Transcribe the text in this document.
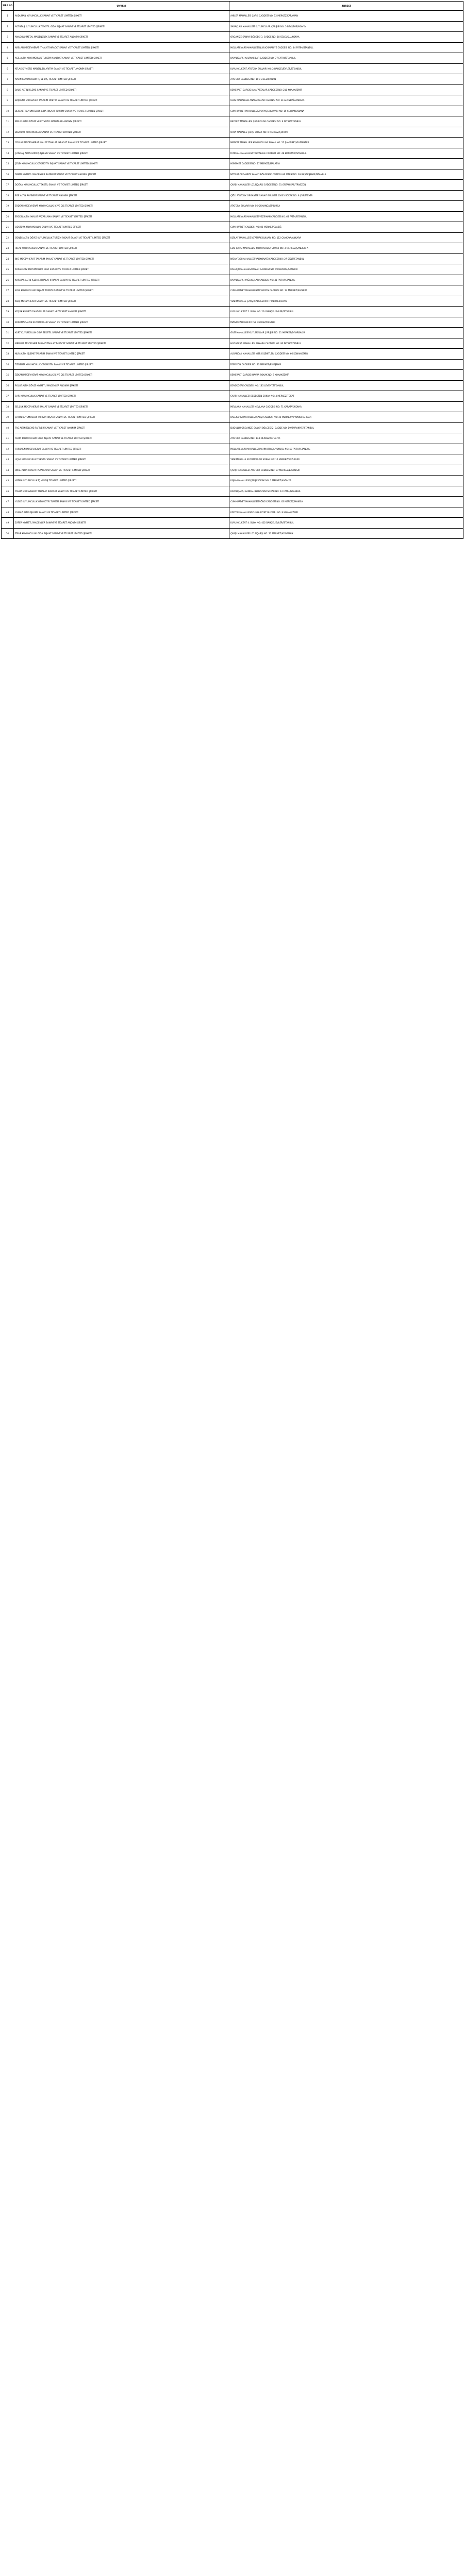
SIRA NO	UNVANI	ADRESİ
1	AKDUMAN KUYUMCULUK SANAYİ VE TİCARET LİMİTED ŞİRKETİ	AHİLER MAHALLESİ ÇARŞI CADDESİ NO: 12 MERKEZ/KARAMAN
2	ALTINTAŞ KUYUMCULUK TEKSTİL GIDA İNŞAAT SANAYİ VE TİCARET LİMİTED ŞİRKETİ	SARAÇLAR MAHALLESİ KUYUMCULAR ÇARŞISI NO: 5 BEYŞEHİR/KONYA
3	ANADOLU METAL MADENCİLİK SANAYİ VE TİCARET ANONİM ŞİRKETİ	ORGANİZE SANAYİ BÖLGESİ 3. CADDE NO: 18 SELÇUKLU/KONYA
4	ARSLAN MÜCEVHERAT İTHALAT İHRACAT SANAYİ VE TİCARET LİMİTED ŞİRKETİ	MOLLAFENARİ MAHALLESİ NURUOSMANİYE CADDESİ NO: 44 FATİH/İSTANBUL
5	ASİL ALTIN KUYUMCULUK TURİZM NAKLİYAT SANAYİ VE TİCARET LİMİTED ŞİRKETİ	KAPALIÇARŞI KALPAKÇILAR CADDESİ NO: 77 FATİH/İSTANBUL
6	ATLAS KIYMETLİ MADENLER ARITIM SANAYİ VE TİCARET ANONİM ŞİRKETİ	KUYUMCUKENT ATATÜRK BULVARI NO: 2 BAHÇELİEVLER/İSTANBUL
7	AYDIN KUYUMCULUK İÇ VE DIŞ TİCARET LİMİTED ŞİRKETİ	ATATÜRK CADDESİ NO: 101 EFELER/AYDIN
8	BALCI ALTIN İŞLEME SANAYİ VE TİCARET LİMİTED ŞİRKETİ	KEMERALTI ÇARŞISI ANAFARTALAR CADDESİ NO: 210 KONAK/İZMİR
9	BAŞKENT MÜCEVHER TASARIM ÜRETİM SANAYİ VE TİCARET LİMİTED ŞİRKETİ	ULUS MAHALLESİ ANAFARTALAR CADDESİ NO: 34 ALTINDAĞ/ANKARA
10	BEREKET KUYUMCULUK GIDA İNŞAAT TURİZM SANAYİ VE TİCARET LİMİTED ŞİRKETİ	CUMHURİYET MAHALLESİ ZİYAPAŞA BULVARI NO: 15 SEYHAN/ADANA
11	BİRLİK ALTIN DÖVİZ VE KIYMETLİ MADENLER ANONİM ŞİRKETİ	BEYAZIT MAHALLESİ ÇADIRCILAR CADDESİ NO: 9 FATİH/İSTANBUL
12	BOZKURT KUYUMCULUK SANAYİ VE TİCARET LİMİTED ŞİRKETİ	ORTA MAHALLE ÇARŞI SOKAK NO: 6 MERKEZ/ÇORUM
13	CEYLAN MÜCEVHERAT İMALAT İTHALAT İHRACAT SANAYİ VE TİCARET LİMİTED ŞİRKETİ	MERKEZ MAHALLESİ KUYUMCULAR SOKAK NO: 22 ŞAHİNBEY/GAZİANTEP
14	ÇAĞDAŞ ALTIN GÜMÜŞ İŞLEME SANAYİ VE TİCARET LİMİTED ŞİRKETİ	İSTİKLAL MAHALLESİ TAHTAKALE CADDESİ NO: 48 EMİNÖNÜ/İSTANBUL
15	ÇELİK KUYUMCULUK OTOMOTİV İNŞAAT SANAYİ VE TİCARET LİMİTED ŞİRKETİ	HÜKÜMET CADDESİ NO: 17 MERKEZ/MALATYA
16	DEMİR KIYMETLİ MADENLER RAFİNERİ SANAYİ VE TİCARET ANONİM ŞİRKETİ	İKİTELLİ ORGANİZE SANAYİ BÖLGESİ KUYUMCULAR SİTESİ NO: 63 BAŞAKŞEHİR/İSTANBUL
17	DOĞAN KUYUMCULUK TEKSTİL SANAYİ VE TİCARET LİMİTED ŞİRKETİ	ÇARŞI MAHALLESİ UZUNÇARŞI CADDESİ NO: 31 ORTAHİSAR/TRABZON
18	EGE ALTIN RAFİNERİ SANAYİ VE TİCARET ANONİM ŞİRKETİ	ÇİĞLİ ATATÜRK ORGANİZE SANAYİ BÖLGESİ 10003 SOKAK NO: 8 ÇİĞLİ/İZMİR
19	ERDEM MÜCEVHERAT KUYUMCULUK İÇ VE DIŞ TİCARET LİMİTED ŞİRKETİ	ATATÜRK BULVARI NO: 56 OSMANGAZİ/BURSA
20	ERGÜN ALTIN İMALAT PAZARLAMA SANAYİ VE TİCARET LİMİTED ŞİRKETİ	MOLLAFENARİ MAHALLESİ VEZİRHAN CADDESİ NO: 63 FATİH/İSTANBUL
21	GÖKTÜRK KUYUMCULUK SANAYİ VE TİCARET LİMİTED ŞİRKETİ	CUMHURİYET CADDESİ NO: 88 MERKEZ/ELAZIĞ
22	GÜNEŞ ALTIN DÖVİZ KUYUMCULUK TURİZM İNŞAAT SANAYİ VE TİCARET LİMİTED ŞİRKETİ	KIZILAY MAHALLESİ ATATÜRK BULVARI NO: 112 ÇANKAYA/ANKARA
23	HİLAL KUYUMCULUK SANAYİ VE TİCARET LİMİTED ŞİRKETİ	ESKİ ÇARŞI MAHALLESİ KUYUMCULAR SOKAK NO: 3 MERKEZ/ŞANLIURFA
24	İNCİ MÜCEVHERAT TASARIM İMALAT SANAYİ VE TİCARET LİMİTED ŞİRKETİ	NİŞANTAŞI MAHALLESİ VALİKONAĞI CADDESİ NO: 27 ŞİŞLİ/İSTANBUL
25	KARADENİZ KUYUMCULUK GIDA SANAYİ VE TİCARET LİMİTED ŞİRKETİ	KALEİÇİ MAHALLESİ PAZAR CADDESİ NO: 19 İLKADIM/SAMSUN
26	KARATAŞ ALTIN İŞLEME İTHALAT İHRACAT SANAYİ VE TİCARET LİMİTED ŞİRKETİ	KAPALIÇARŞI YAĞLIKÇILAR CADDESİ NO: 41 FATİH/İSTANBUL
27	KAYA KUYUMCULUK İNŞAAT TURİZM SANAYİ VE TİCARET LİMİTED ŞİRKETİ	CUMHURİYET MAHALLESİ İSTASYON CADDESİ NO: 14 MERKEZ/KAYSERİ
28	KILIÇ MÜCEVHERAT SANAYİ VE TİCARET LİMİTED ŞİRKETİ	YENİ MAHALLE ÇARŞI CADDESİ NO: 7 MERKEZ/SİVAS
29	KOÇAK KIYMETLİ MADENLER SANAYİ VE TİCARET ANONİM ŞİRKETİ	KUYUMCUKENT 2. BLOK NO: 214 BAHÇELİEVLER/İSTANBUL
30	KORKMAZ ALTIN KUYUMCULUK SANAYİ VE TİCARET LİMİTED ŞİRKETİ	İNÖNÜ CADDESİ NO: 52 MERKEZ/DENİZLİ
31	KURT KUYUMCULUK GIDA TEKSTİL SANAYİ VE TİCARET LİMİTED ŞİRKETİ	GAZİ MAHALLESİ KUYUMCULAR ÇARŞISI NO: 11 MERKEZ/DİYARBAKIR
32	MERMER MÜCEVHER İMALAT İTHALAT İHRACAT SANAYİ VE TİCARET LİMİTED ŞİRKETİ	HOCAPAŞA MAHALLESİ ANKARA CADDESİ NO: 90 FATİH/İSTANBUL
33	NUR ALTIN İŞLEME TASARIM SANAYİ VE TİCARET LİMİTED ŞİRKETİ	ALSANCAK MAHALLESİ KIBRIS ŞEHİTLERİ CADDESİ NO: 66 KONAK/İZMİR
34	ÖZDEMİR KUYUMCULUK OTOMOTİV SANAYİ VE TİCARET LİMİTED ŞİRKETİ	İSTASYON CADDESİ NO: 33 MERKEZ/ESKİŞEHİR
35	ÖZKAN MÜCEVHERAT KUYUMCULUK İÇ VE DIŞ TİCARET LİMİTED ŞİRKETİ	KEMERALTI ÇARŞISI HAVRA SOKAK NO: 8 KONAK/İZMİR
36	POLAT ALTIN DÖVİZ KIYMETLİ MADENLER ANONİM ŞİRKETİ	BÜYÜKDERE CADDESİ NO: 185 LEVENT/İSTANBUL
37	SARI KUYUMCULUK SANAYİ VE TİCARET LİMİTED ŞİRKETİ	ÇARŞI MAHALLESİ BEDESTEN SOKAK NO: 4 MERKEZ/TOKAT
38	SELÇUK MÜCEVHERAT İMALAT SANAYİ VE TİCARET LİMİTED ŞİRKETİ	MEVLANA MAHALLESİ MEVLANA CADDESİ NO: 71 KARATAY/KONYA
39	ŞAHİN KUYUMCULUK TURİZM İNŞAAT SANAYİ VE TİCARET LİMİTED ŞİRKETİ	KALEKAPISI MAHALLESİ ÇARŞI CADDESİ NO: 25 MERKEZ/AFYONKARAHİSAR
40	TAŞ ALTIN İŞLEME RAFİNERİ SANAYİ VE TİCARET ANONİM ŞİRKETİ	DUDULLU ORGANİZE SANAYİ BÖLGESİ 2. CADDE NO: 19 ÜMRANİYE/İSTANBUL
41	TEKİN KUYUMCULUK GIDA İNŞAAT SANAYİ VE TİCARET LİMİTED ŞİRKETİ	ATATÜRK CADDESİ NO: 144 MERKEZ/KÜTAHYA
42	TÜRKMEN MÜCEVHERAT SANAYİ VE TİCARET LİMİTED ŞİRKETİ	MOLLAFENARİ MAHALLESİ MAHMUTPAŞA YOKUŞU NO: 58 FATİH/İSTANBUL
43	UÇAR KUYUMCULUK TEKSTİL SANAYİ VE TİCARET LİMİTED ŞİRKETİ	YENİ MAHALLE KUYUMCULAR SOKAK NO: 15 MERKEZ/ERZURUM
44	ÜNAL ALTIN İMALAT PAZARLAMA SANAYİ VE TİCARET LİMİTED ŞİRKETİ	ÇARŞI MAHALLESİ ATATÜRK CADDESİ NO: 37 MERKEZ/BALIKESİR
45	VATAN KUYUMCULUK İÇ VE DIŞ TİCARET LİMİTED ŞİRKETİ	KIŞLA MAHALLESİ ÇARŞI SOKAK NO: 2 MERKEZ/ANTALYA
46	YAVUZ MÜCEVHERAT İTHALAT İHRACAT SANAYİ VE TİCARET LİMİTED ŞİRKETİ	KAPALIÇARŞI SANDAL BEDESTENİ SOKAK NO: 12 FATİH/İSTANBUL
47	YILDIZ KUYUMCULUK OTOMOTİV TURİZM SANAYİ VE TİCARET LİMİTED ŞİRKETİ	CUMHURİYET MAHALLESİ İNÖNÜ CADDESİ NO: 62 MERKEZ/MANİSA
48	YILMAZ ALTIN İŞLEME SANAYİ VE TİCARET LİMİTED ŞİRKETİ	KÜLTÜR MAHALLESİ CUMHURİYET BULVARI NO: 9 KONAK/İZMİR
49	ZAFER KIYMETLİ MADENLER SANAYİ VE TİCARET ANONİM ŞİRKETİ	KUYUMCUKENT 4. BLOK NO: 402 BAHÇELİEVLER/İSTANBUL
50	ZİRVE KUYUMCULUK GIDA İNŞAAT SANAYİ VE TİCARET LİMİTED ŞİRKETİ	ÇARŞI MAHALLESİ UZUNÇARŞI NO: 23 MERKEZ/ADIYAMAN
